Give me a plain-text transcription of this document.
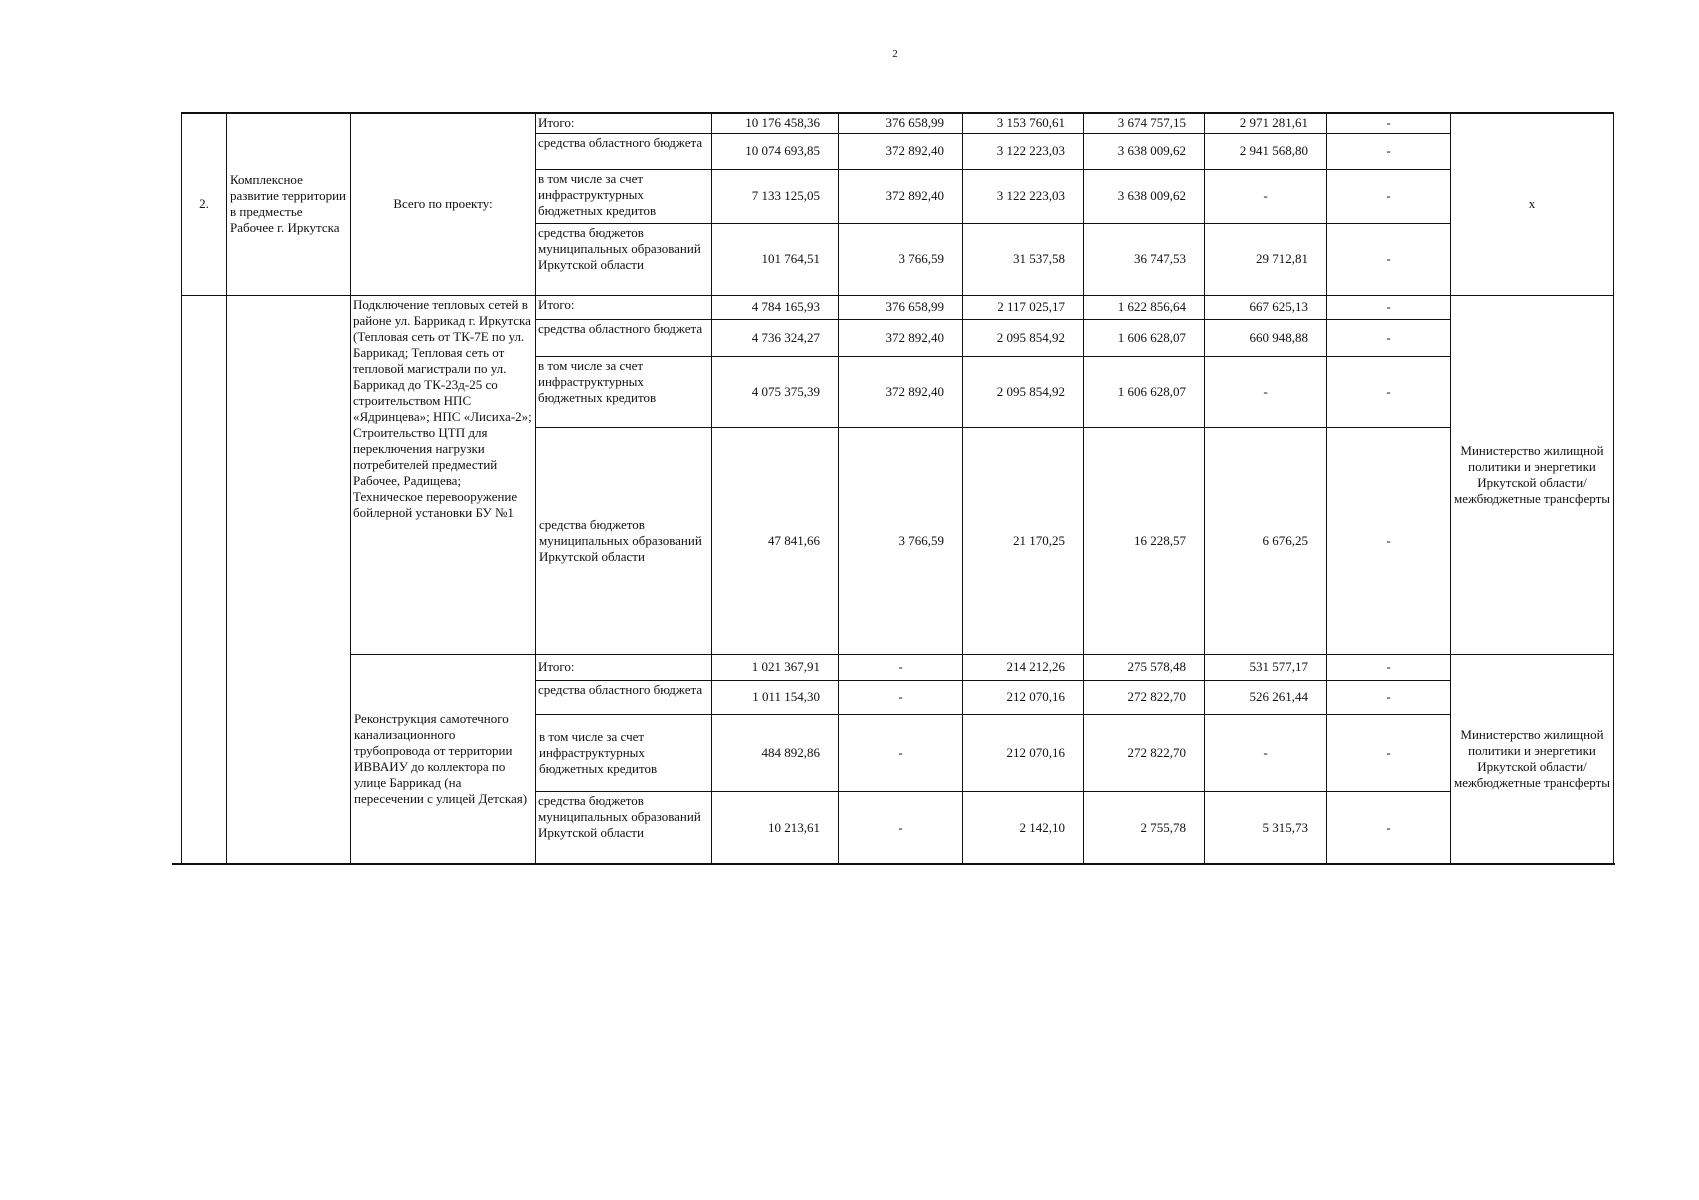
2
2.	Комплексное развитие территории в предместье Рабочее г. Иркутска	Всего по проекту:	Итого:	10 176 458,36	376 658,99	3 153 760,61	3 674 757,15	2 971 281,61	-	х
			средства областного бюджета	10 074 693,85	372 892,40	3 122 223,03	3 638 009,62	2 941 568,80	-	
			в том числе за счет инфраструктурных бюджетных кредитов	7 133 125,05	372 892,40	3 122 223,03	3 638 009,62	-	-	
			средства бюджетов муниципальных образований Иркутской области	101 764,51	3 766,59	31 537,58	36 747,53	29 712,81	-	
		Подключение тепловых сетей в районе ул. Баррикад г. Иркутска (Тепловая сеть от ТК-7Е по ул. Баррикад; Тепловая сеть от тепловой магистрали по ул. Баррикад до ТК-23д-25 со строительством НПС «Ядринцева»; НПС «Лисиха-2»; Строительство ЦТП для переключения нагрузки потребителей предместий Рабочее, Радищева; Техническое перевооружение бойлерной установки БУ №1	Итого:	4 784 165,93	376 658,99	2 117 025,17	1 622 856,64	667 625,13	-	Министерство жилищной политики и энергетики Иркутской области/ межбюджетные трансферты
			средства областного бюджета	4 736 324,27	372 892,40	2 095 854,92	1 606 628,07	660 948,88	-	
			в том числе за счет инфраструктурных бюджетных кредитов	4 075 375,39	372 892,40	2 095 854,92	1 606 628,07	-	-	
			средства бюджетов муниципальных образований Иркутской области	47 841,66	3 766,59	21 170,25	16 228,57	6 676,25	-	
		Реконструкция самотечного канализационного трубопровода от территории ИВВАИУ до коллектора по улице Баррикад (на пересечении с улицей Детская)	Итого:	1 021 367,91	-	214 212,26	275 578,48	531 577,17	-	Министерство жилищной политики и энергетики Иркутской области/ межбюджетные трансферты
			средства областного бюджета	1 011 154,30	-	212 070,16	272 822,70	526 261,44	-	
			в том числе за счет инфраструктурных бюджетных кредитов	484 892,86	-	212 070,16	272 822,70	-	-	
			средства бюджетов муниципальных образований Иркутской области	10 213,61	-	2 142,10	2 755,78	5 315,73	-	
